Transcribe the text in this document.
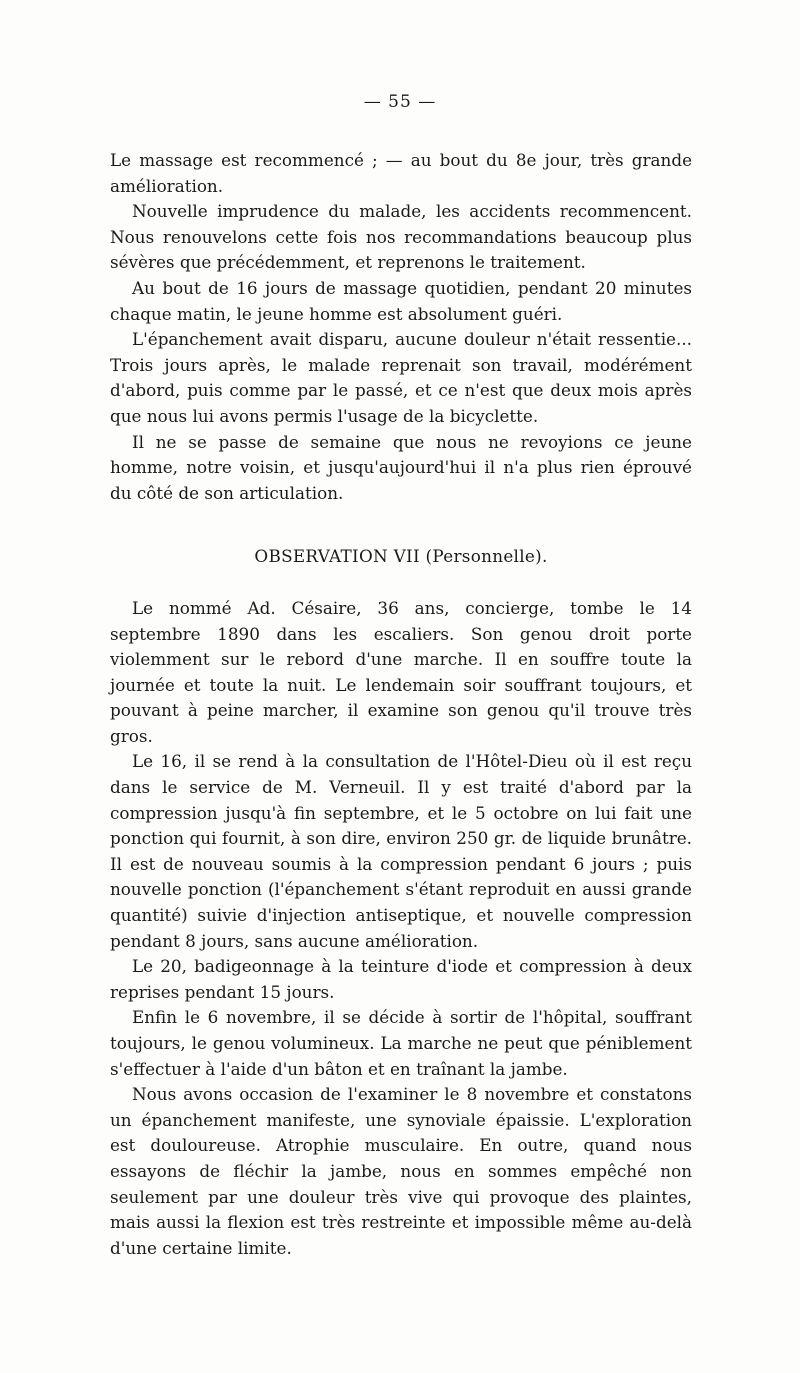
— 55 —

Le massage est recommencé ; — au bout du 8e jour, très grande amélioration.

Nouvelle imprudence du malade, les accidents recommencent. Nous renouvelons cette fois nos recommandations beaucoup plus sévères que précédemment, et reprenons le traitement.

Au bout de 16 jours de massage quotidien, pendant 20 minutes chaque matin, le jeune homme est absolument guéri.

L'épanchement avait disparu, aucune douleur n'était ressentie... Trois jours après, le malade reprenait son travail, modérément d'abord, puis comme par le passé, et ce n'est que deux mois après que nous lui avons permis l'usage de la bicyclette.

Il ne se passe de semaine que nous ne revoyions ce jeune homme, notre voisin, et jusqu'aujourd'hui il n'a plus rien éprouvé du côté de son articulation.

OBSERVATION VII (Personnelle).

Le nommé Ad. Césaire, 36 ans, concierge, tombe le 14 septembre 1890 dans les escaliers. Son genou droit porte violemment sur le rebord d'une marche. Il en souffre toute la journée et toute la nuit. Le lendemain soir souffrant toujours, et pouvant à peine marcher, il examine son genou qu'il trouve très gros.

Le 16, il se rend à la consultation de l'Hôtel-Dieu où il est reçu dans le service de M. Verneuil. Il y est traité d'abord par la compression jusqu'à fin septembre, et le 5 octobre on lui fait une ponction qui fournit, à son dire, environ 250 gr. de liquide brunâtre. Il est de nouveau soumis à la compression pendant 6 jours ; puis nouvelle ponction (l'épanchement s'étant reproduit en aussi grande quantité) suivie d'injection antiseptique, et nouvelle compression pendant 8 jours, sans aucune amélioration.

Le 20, badigeonnage à la teinture d'iode et compression à deux reprises pendant 15 jours.

Enfin le 6 novembre, il se décide à sortir de l'hôpital, souffrant toujours, le genou volumineux. La marche ne peut que péniblement s'effectuer à l'aide d'un bâton et en traînant la jambe.

Nous avons occasion de l'examiner le 8 novembre et constatons un épanchement manifeste, une synoviale épaissie. L'exploration est douloureuse. Atrophie musculaire. En outre, quand nous essayons de fléchir la jambe, nous en sommes empêché non seulement par une douleur très vive qui provoque des plaintes, mais aussi la flexion est très restreinte et impossible même au-delà d'une certaine limite.
